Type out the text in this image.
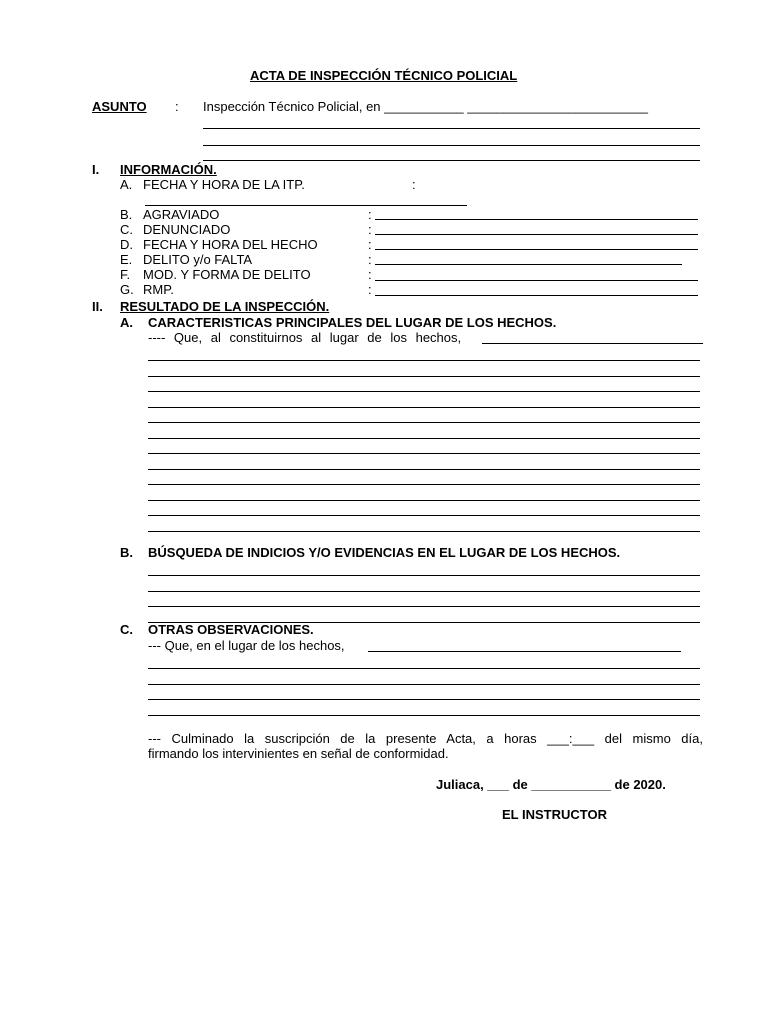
ACTA DE INSPECCIÓN TÉCNICO POLICIAL
ASUNTO : Inspección Técnico Policial, en ___________ _________________________
I. INFORMACIÓN.
A. FECHA Y HORA DE LA ITP.	:
B. AGRAVIADO	:
C. DENUNCIADO	:
D. FECHA Y HORA DEL HECHO	:
E. DELITO y/o FALTA	:
F. MOD. Y FORMA DE DELITO	:
G. RMP.	:
II. RESULTADO DE LA INSPECCIÓN.
A. CARACTERISTICAS PRINCIPALES DEL LUGAR DE LOS HECHOS.
---- Que, al constituirnos al lugar de los hechos,
B. BÚSQUEDA DE INDICIOS Y/O EVIDENCIAS EN EL LUGAR DE LOS HECHOS.
C. OTRAS OBSERVACIONES.
--- Que, en el lugar de los hechos,
--- Culminado la suscripción de la presente Acta, a horas ___:___ del mismo día,
firmando los intervinientes en señal de conformidad.
Juliaca, ___ de ___________ de 2020.
EL INSTRUCTOR
